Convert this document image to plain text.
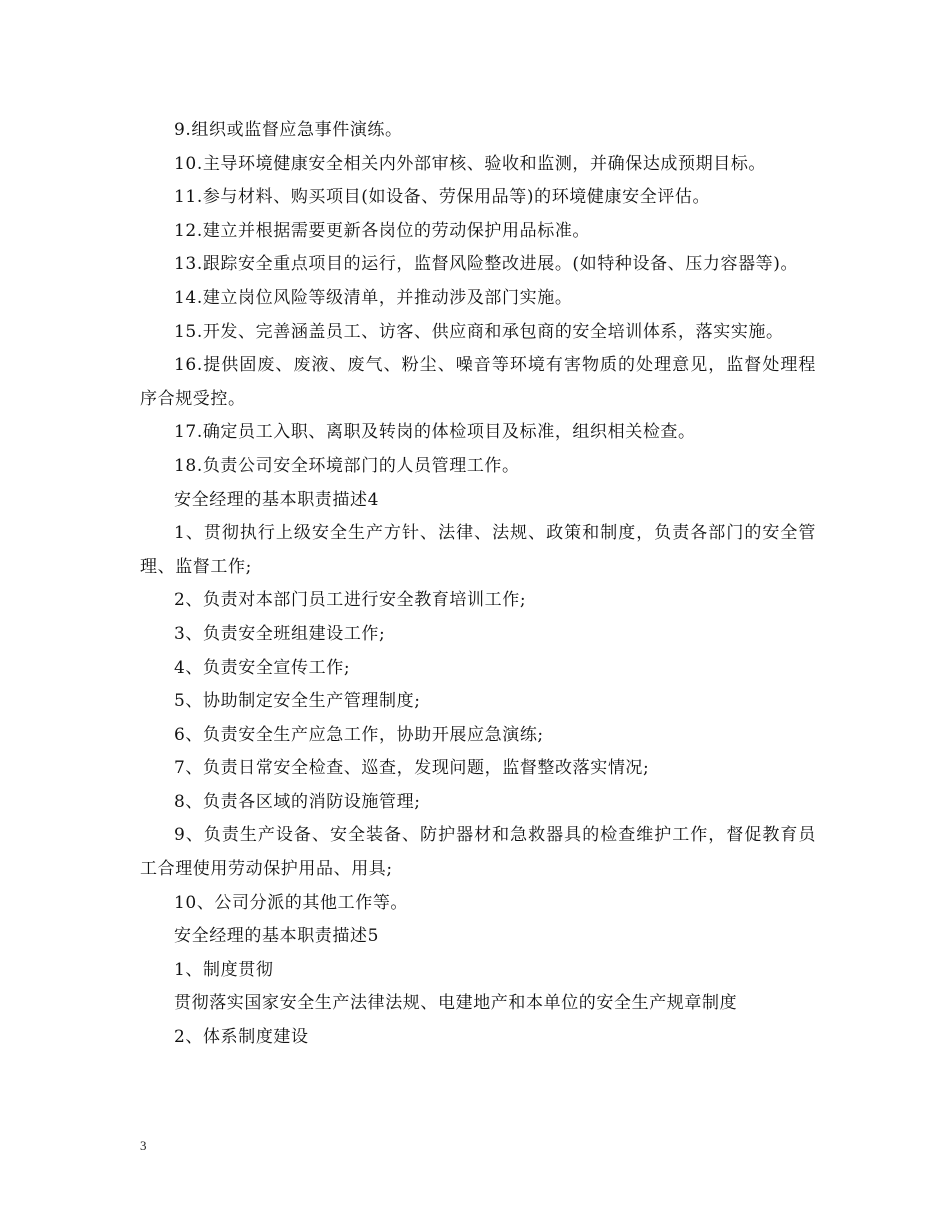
9.组织或监督应急事件演练。

10.主导环境健康安全相关内外部审核、验收和监测，并确保达成预期目标。

11.参与材料、购买项目(如设备、劳保用品等)的环境健康安全评估。

12.建立并根据需要更新各岗位的劳动保护用品标准。

13.跟踪安全重点项目的运行，监督风险整改进展。(如特种设备、压力容器等)。

14.建立岗位风险等级清单，并推动涉及部门实施。

15.开发、完善涵盖员工、访客、供应商和承包商的安全培训体系，落实实施。

16.提供固废、废液、废气、粉尘、噪音等环境有害物质的处理意见，监督处理程序合规受控。

17.确定员工入职、离职及转岗的体检项目及标准，组织相关检查。

18.负责公司安全环境部门的人员管理工作。

安全经理的基本职责描述4

1、贯彻执行上级安全生产方针、法律、法规、政策和制度，负责各部门的安全管理、监督工作;

2、负责对本部门员工进行安全教育培训工作;

3、负责安全班组建设工作;

4、负责安全宣传工作;

5、协助制定安全生产管理制度;

6、负责安全生产应急工作，协助开展应急演练;

7、负责日常安全检查、巡查，发现问题，监督整改落实情况;

8、负责各区域的消防设施管理;

9、负责生产设备、安全装备、防护器材和急救器具的检查维护工作，督促教育员工合理使用劳动保护用品、用具;

10、公司分派的其他工作等。

安全经理的基本职责描述5

1、制度贯彻

贯彻落实国家安全生产法律法规、电建地产和本单位的安全生产规章制度

2、体系制度建设

3
